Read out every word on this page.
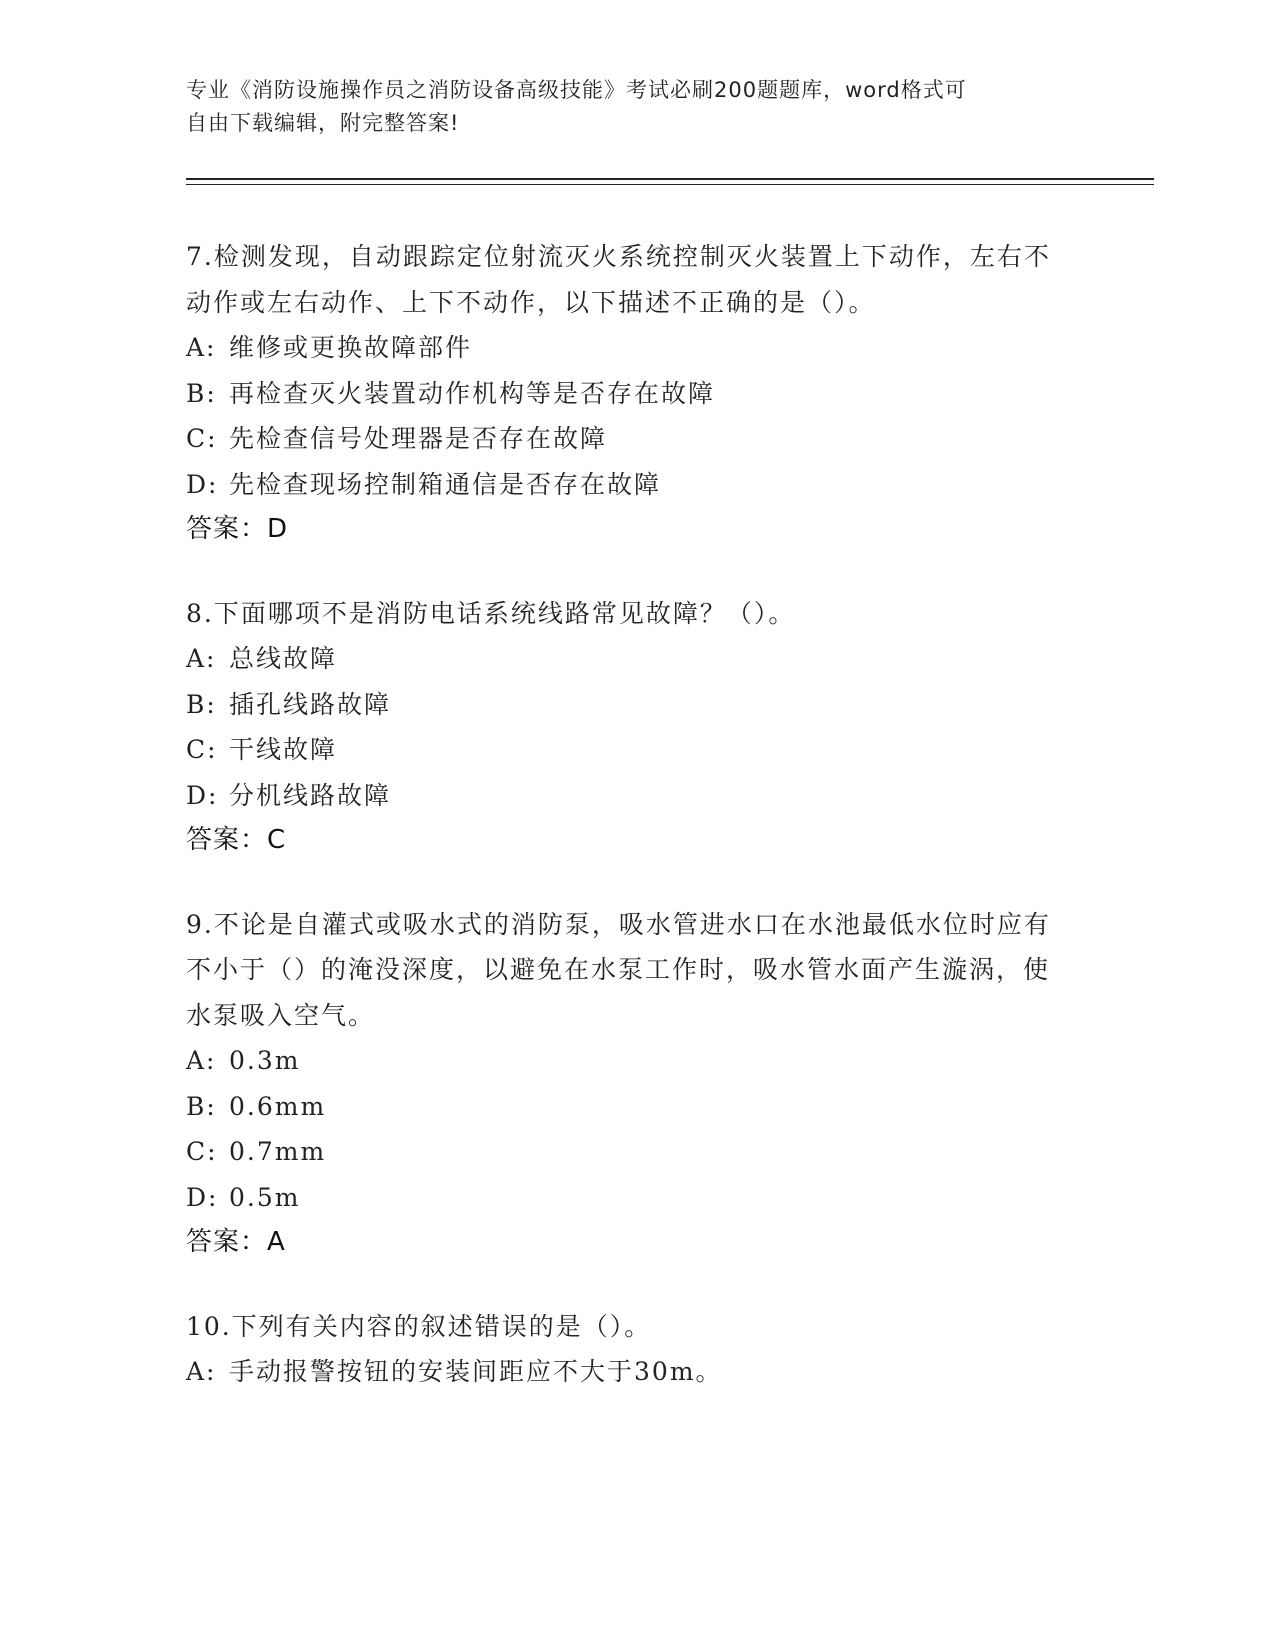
专业《消防设施操作员之消防设备高级技能》考试必刷200题题库，word格式可
自由下载编辑，附完整答案!

7.检测发现，自动跟踪定位射流灭火系统控制灭火装置上下动作，左右不动作或左右动作、上下不动作，以下描述不正确的是（）。

A: 维修或更换故障部件

B: 再检查灭火装置动作机构等是否存在故障

C: 先检查信号处理器是否存在故障

D: 先检查现场控制箱通信是否存在故障

答案：D

8.下面哪项不是消防电话系统线路常见故障？（）。

A: 总线故障

B: 插孔线路故障

C: 干线故障

D: 分机线路故障

答案：C

9.不论是自灌式或吸水式的消防泵，吸水管进水口在水池最低水位时应有不小于（）的淹没深度，以避免在水泵工作时，吸水管水面产生漩涡，使水泵吸入空气。

A: 0.3m

B: 0.6mm

C: 0.7mm

D: 0.5m

答案：A

10.下列有关内容的叙述错误的是（）。

A: 手动报警按钮的安装间距应不大于30m。
